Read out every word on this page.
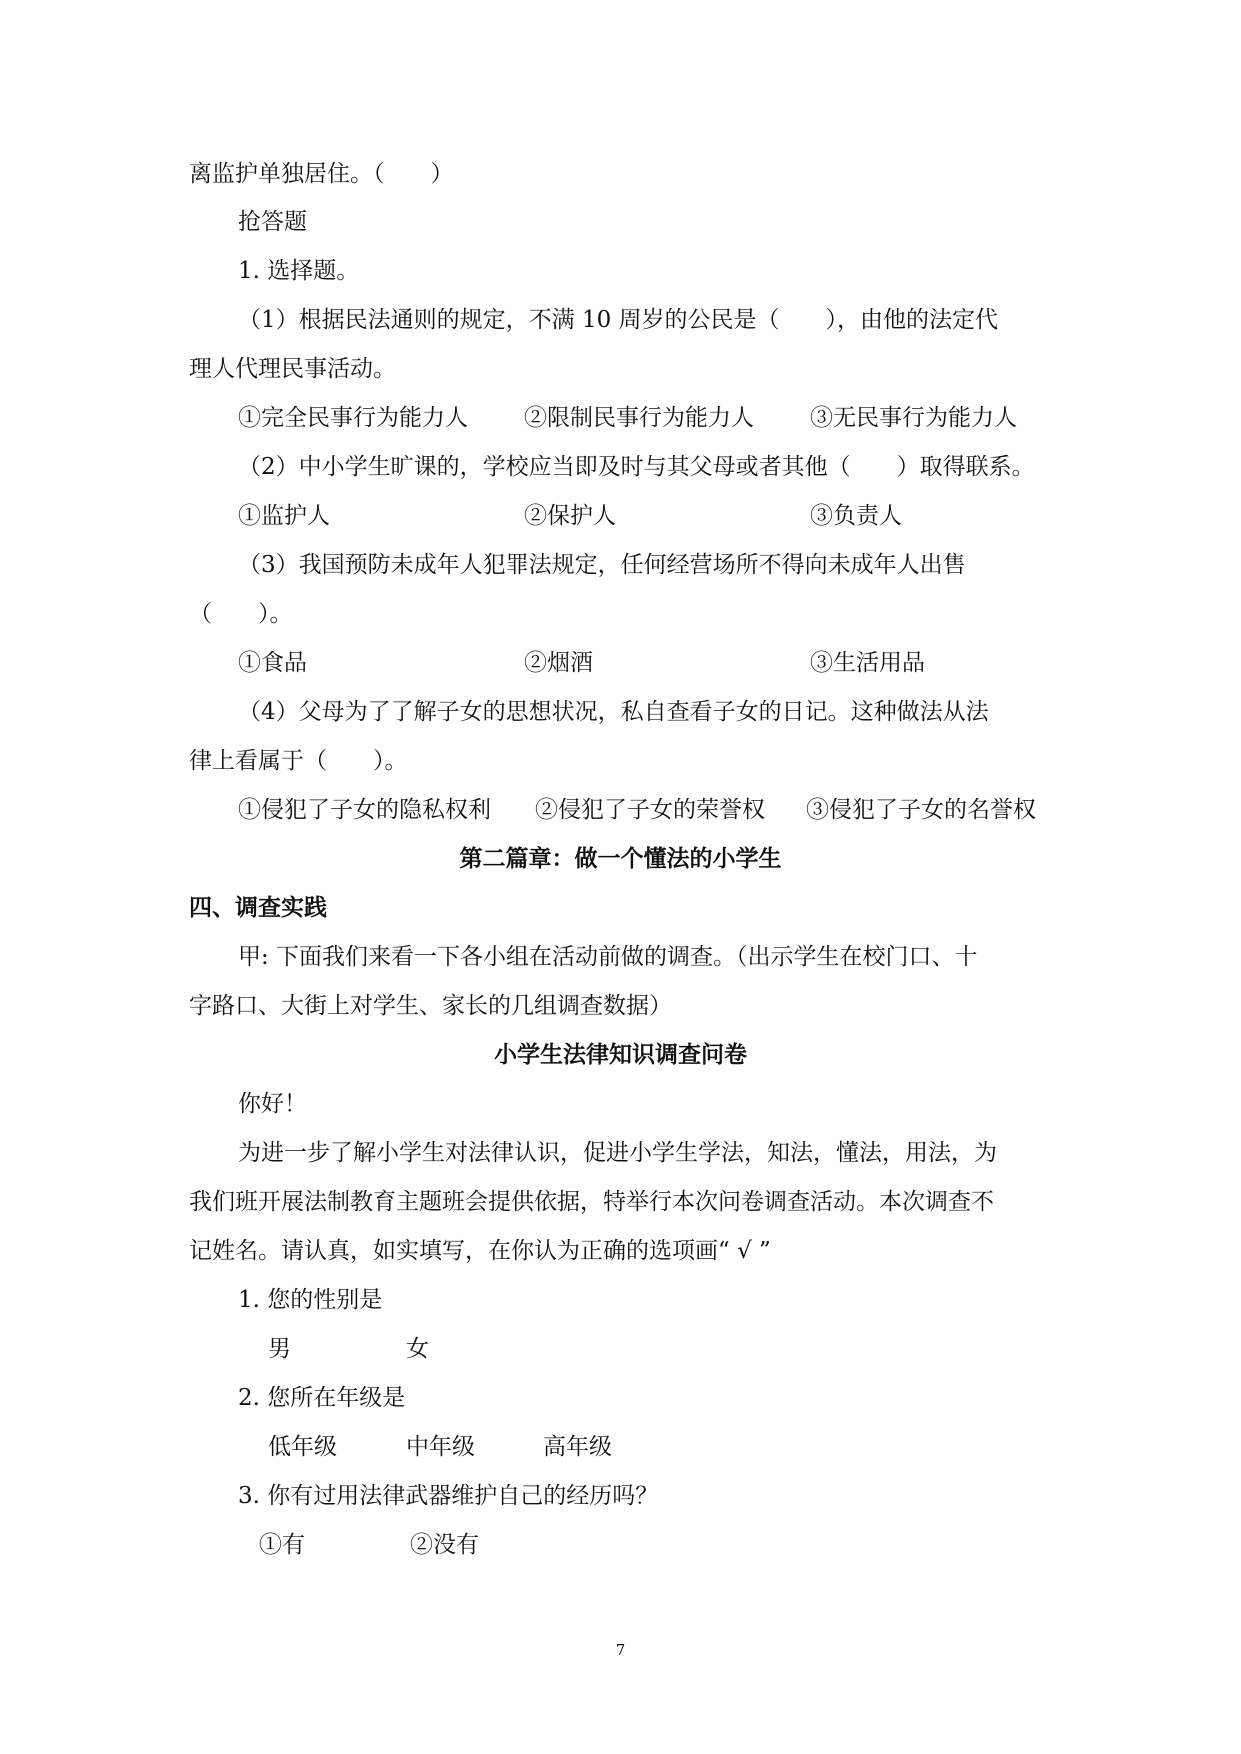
离监护单独居住。（　　）
抢答题
1. 选择题。
（1）根据民法通则的规定，不满 10 周岁的公民是（　　），由他的法定代
理人代理民事活动。
①完全民事行为能力人 ②限制民事行为能力人 ③无民事行为能力人
（2）中小学生旷课的，学校应当即及时与其父母或者其他（　　）取得联系。
①监护人	②保护人	③负责人
（3）我国预防未成年人犯罪法规定，任何经营场所不得向未成年人出售
（　　）。
①食品	②烟酒	③生活用品
（4）父母为了了解子女的思想状况，私自查看子女的日记。这种做法从法
律上看属于（　　）。
①侵犯了子女的隐私权利 ②侵犯了子女的荣誉权 ③侵犯了子女的名誉权
第二篇章：做一个懂法的小学生
四、调查实践
甲: 下面我们来看一下各小组在活动前做的调查。（出示学生在校门口、十
字路口、大街上对学生、家长的几组调查数据）
小学生法律知识调查问卷
你好！
为进一步了解小学生对法律认识，促进小学生学法，知法，懂法，用法，为
我们班开展法制教育主题班会提供依据，特举行本次问卷调查活动。本次调查不
记姓名。请认真，如实填写，在你认为正确的选项画“ √ ”
1. 您的性别是
男	女
2. 您所在年级是
低年级	中年级	高年级
3. 你有过用法律武器维护自己的经历吗？
①有	②没有
7
